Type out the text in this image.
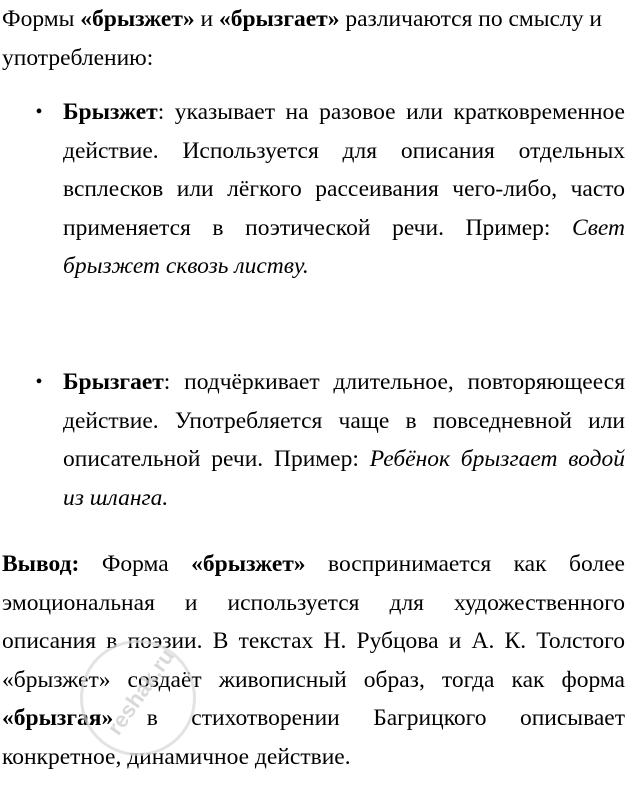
Формы «брызжет» и «брызгает» различаются по смыслу и употреблению:

• Брызжет: указывает на разовое или кратковременное действие. Используется для описания отдельных всплесков или лёгкого рассеивания чего-либо, часто применяется в поэтической речи. Пример: Свет брызжет сквозь листву.
• Брызгает: подчёркивает длительное, повторяющееся действие. Употребляется чаще в повседневной или описательной речи. Пример: Ребёнок брызгает водой из шланга.

Вывод: Форма «брызжет» воспринимается как более эмоциональная и используется для художественного описания в поэзии. В текстах Н. Рубцова и А. К. Толстого «брызжет» создаёт живописный образ, тогда как форма «брызгая» в стихотворении Багрицкого описывает конкретное, динамичное действие.

reshak.ru
